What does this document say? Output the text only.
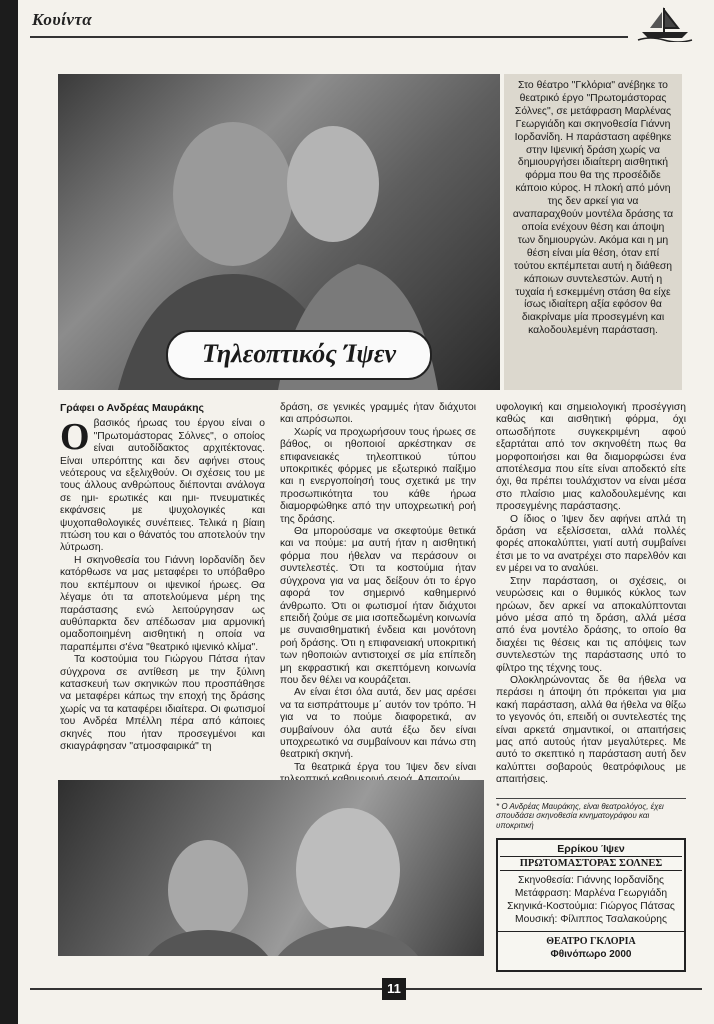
Κουίντα
Τηλεοπτικός Ίψεν

Στο θέατρο "Γκλόρια" ανέβηκε το θεατρικό έργο "Πρωτομάστορας Σόλνες", σε μετάφραση Μαρλένας Γεωργιάδη και σκηνοθεσία Γιάννη Ιορδανίδη. Η παράσταση αφέθηκε στην Ιψενική δράση χωρίς να δημιουργήσει ιδιαίτερη αισθητική φόρμα που θα της προσέδιδε κάποιο κύρος. Η πλοκή από μόνη της δεν αρκεί για να αναπαραχθούν μοντέλα δράσης τα οποία ενέχουν θέση και άποψη των δημιουργών. Ακόμα και η μη θέση είναι μία θέση, όταν επί τούτου εκπέμπεται αυτή η διάθεση κάποιων συντελεστών. Αυτή η τυχαία ή εσκεμμένη στάση θα είχε ίσως ιδιαίτερη αξία εφόσον θα διακρίναμε μία προσεγμένη και καλοδουλεμένη παράσταση.

Γράφει ο Ανδρέας Μαυράκης

Οβασικός ήρωας του έργου είναι ο "Πρωτομάστορας Σόλνες", ο οποίος είναι αυτοδίδακτος αρχιτέκτονας. Είναι υπερόπτης και δεν αφήνει στους νεότερους να εξελιχθούν. Οι σχέσεις του με τους άλλους ανθρώπους διέπονται ανάλογα σε ημι- ερωτικές και ημι- πνευματικές εκφάνσεις με ψυχολογικές και ψυχοπαθολογικές συνέπειες. Τελικά η βίαιη πτώση του και ο θάνατός του αποτελούν την λύτρωση.

Η σκηνοθεσία του Γιάννη Ιορδανίδη δεν κατόρθωσε να μας μεταφέρει το υπόβαθρο που εκπέμπουν οι ιψενικοί ήρωες. Θα λέγαμε ότι τα αποτελούμενα μέρη της παράστασης ενώ λειτούργησαν ως αυθύπαρκτα δεν απέδωσαν μια αρμονική ομαδοποιημένη αισθητική η οποία να παραπέμπει σ'ένα "θεατρικό ιψενικό κλίμα".

Τα κοστούμια του Γιώργου Πάτσα ήταν σύγχρονα σε αντίθεση με την ξύλινη κατασκευή των σκηνικών που προσπάθησε να μεταφέρει κάπως την εποχή της δράσης χωρίς να τα καταφέρει ιδιαίτερα. Οι φωτισμοί του Ανδρέα Μπέλλη πέρα από κάποιες σκηνές που ήταν προσεγμένοι και σκιαγράφησαν "ατμοσφαιρικά" τη

δράση, σε γενικές γραμμές ήταν διάχυτοι και απρόσωποι.

Χωρίς να προχωρήσουν τους ήρωες σε βάθος, οι ηθοποιοί αρκέστηκαν σε επιφανειακές τηλεοπτικού τύπου υποκριτικές φόρμες με εξωτερικό παίξιμο και η ενεργοποίησή τους σχετικά με την προσωπικότητα του κάθε ήρωα διαμορφώθηκε από την υποχρεωτική ροή της δράσης.

Θα μπορούσαμε να σκεφτούμε θετικά και να πούμε: μα αυτή ήταν η αισθητική φόρμα που ήθελαν να περάσουν οι συντελεστές. Ότι τα κοστούμια ήταν σύγχρονα για να μας δείξουν ότι το έργο αφορά τον σημερινό καθημερινό άνθρωπο. Ότι οι φωτισμοί ήταν διάχυτοι επειδή ζούμε σε μια ισοπεδωμένη κοινωνία με συναισθηματική ένδεια και μονότονη ροή δράσης. Ότι η επιφανειακή υποκριτική των ηθοποιών αντιστοιχεί σε μία επίπεδη μη εκφραστική και σκεπτόμενη κοινωνία που δεν θέλει να κουράζεται.

Αν είναι έτσι όλα αυτά, δεν μας αρέσει να τα εισπράττουμε μ΄ αυτόν τον τρόπο. Ή για να το πούμε διαφορετικά, αν συμβαίνουν όλα αυτά έξω δεν είναι υποχρεωτικό να συμβαίνουν και πάνω στη θεατρική σκηνή.

Τα θεατρικά έργα του Ίψεν δεν είναι

υφολογική και σημειολογική προσέγγιση καθώς και αισθητική φόρμα, όχι οπωσδήποτε συγκεκριμένη αφού εξαρτάται από τον σκηνοθέτη πως θα μορφοποιήσει και θα διαμορφώσει ένα αποτέλεσμα που είτε είναι αποδεκτό είτε όχι, θα πρέπει τουλάχιστον να είναι μέσα στο πλαίσιο μιας καλοδουλεμένης και προσεγμένης παράστασης.

Ο ίδιος ο Ίψεν δεν αφήνει απλά τη δράση να εξελίσσεται, αλλά πολλές φορές αποκαλύπτει, γιατί αυτή συμβαίνει έτσι με το να ανατρέχει στο παρελθόν και εν μέρει να το αναλύει.

Στην παράσταση, οι σχέσεις, οι νευρώσεις και ο θυμικός κύκλος των ηρώων, δεν αρκεί να αποκαλύπτονται μόνο μέσα από τη δράση, αλλά μέσα από ένα μοντέλο δράσης, το οποίο θα διαχέει τις θέσεις και τις απόψεις των συντελεστών της παράστασης υπό το φίλτρο της τέχνης τους.

Ολοκληρώνοντας δε θα ήθελα να περάσει η άποψη ότι πρόκειται για μια κακή παράσταση, αλλά θα ήθελα να θίξω το γεγονός ότι, επειδή οι συντελεστές της είναι αρκετά σημαντικοί, οι απαιτήσεις μας από αυτούς ήταν μεγαλύτερες. Με αυτό το σκεπτικό η παράσταση αυτή δεν καλύπτει σοβαρούς θεατρόφιλους με απαιτήσεις.

* Ο Ανδρέας Μαυράκης, είναι θεατρολόγος, έχει σπουδάσει σκηνοθεσία κινηματογράφου και υποκριτική
Ερρίκου Ίψεν
ΠΡΩΤΟΜΑΣΤΟΡΑΣ ΣΟΛΝΕΣ
Σκηνοθεσία: Γιάννης Ιορδανίδης
Μετάφραση: Μαρλένα Γεωργιάδη
Σκηνικά-Κοστούμια: Γιώργος Πάτσας
Μουσική: Φίλιππος Τσαλακούρης
ΘΕΑΤΡΟ ΓΚΛΟΡΙΑ
Φθινόπωρο 2000
11
